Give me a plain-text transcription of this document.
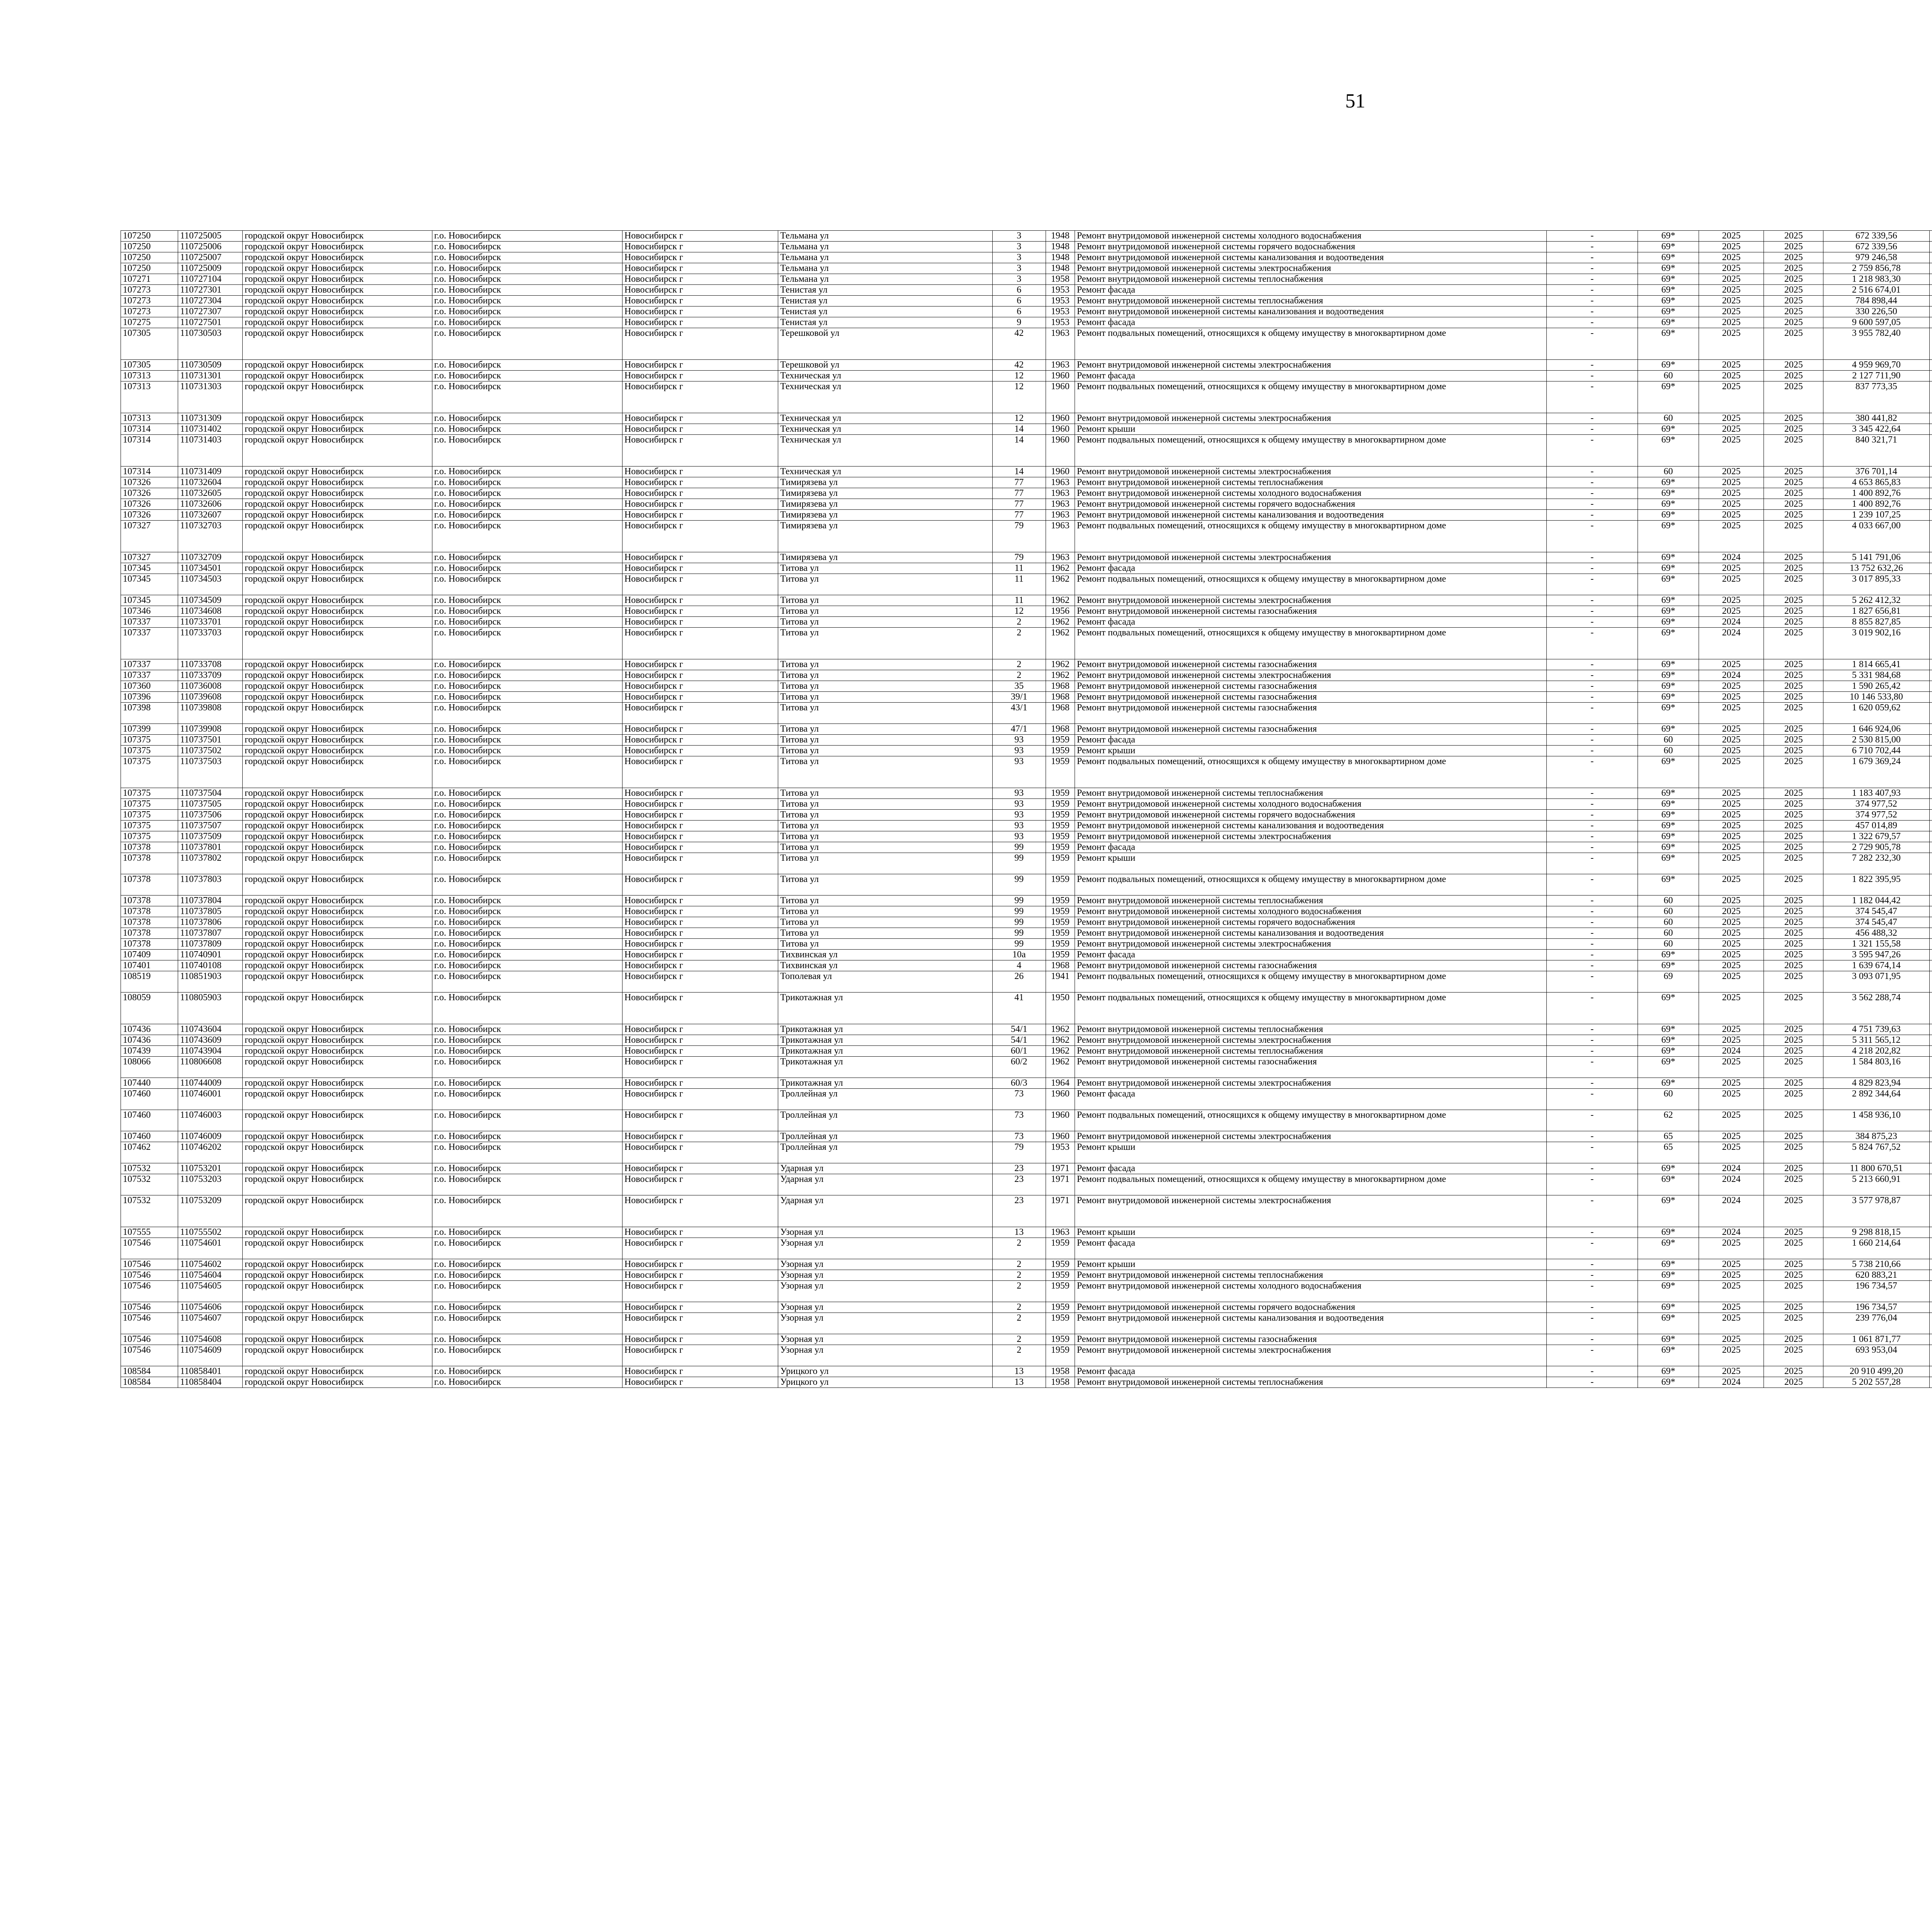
51
107250	110725005	городской округ Новосибирск	г.о. Новосибирск	Новосибирск г	Тельмана ул	3	1948	Ремонт внутридомовой инженерной системы холодного водоснабжения	-	69*	2025	2025	672 339,56							
107250	110725006	городской округ Новосибирск	г.о. Новосибирск	Новосибирск г	Тельмана ул	3	1948	Ремонт внутридомовой инженерной системы горячего водоснабжения	-	69*	2025	2025	672 339,56							
107250	110725007	городской округ Новосибирск	г.о. Новосибирск	Новосибирск г	Тельмана ул	3	1948	Ремонт внутридомовой инженерной системы канализования и водоотведения	-	69*	2025	2025	979 246,58							
107250	110725009	городской округ Новосибирск	г.о. Новосибирск	Новосибирск г	Тельмана ул	3	1948	Ремонт внутридомовой инженерной системы электроснабжения	-	69*	2025	2025	2 759 856,78							
107271	110727104	городской округ Новосибирск	г.о. Новосибирск	Новосибирск г	Тельмана ул	3	1958	Ремонт внутридомовой инженерной системы теплоснабжения	-	69*	2025	2025	1 218 983,30							
107273	110727301	городской округ Новосибирск	г.о. Новосибирск	Новосибирск г	Тенистая ул	6	1953	Ремонт фасада	-	69*	2025	2025	2 516 674,01							
107273	110727304	городской округ Новосибирск	г.о. Новосибирск	Новосибирск г	Тенистая ул	6	1953	Ремонт внутридомовой инженерной системы теплоснабжения	-	69*	2025	2025	784 898,44							
107273	110727307	городской округ Новосибирск	г.о. Новосибирск	Новосибирск г	Тенистая ул	6	1953	Ремонт внутридомовой инженерной системы канализования и водоотведения	-	69*	2025	2025	330 226,50							
107275	110727501	городской округ Новосибирск	г.о. Новосибирск	Новосибирск г	Тенистая ул	9	1953	Ремонт фасада	-	69*	2025	2025	9 600 597,05							
107305	110730503	городской округ Новосибирск	г.о. Новосибирск	Новосибирск г	Терешковой ул	42	1963	Ремонт подвальных помещений, относящихся к общему имуществу в многоквартирном доме	-	69*	2025	2025	3 955 782,40							
107305	110730509	городской округ Новосибирск	г.о. Новосибирск	Новосибирск г	Терешковой ул	42	1963	Ремонт внутридомовой инженерной системы электроснабжения	-	69*	2025	2025	4 959 969,70							
107313	110731301	городской округ Новосибирск	г.о. Новосибирск	Новосибирск г	Техническая ул	12	1960	Ремонт фасада	-	60	2025	2025	2 127 711,90							
107313	110731303	городской округ Новосибирск	г.о. Новосибирск	Новосибирск г	Техническая ул	12	1960	Ремонт подвальных помещений, относящихся к общему имуществу в многоквартирном доме	-	69*	2025	2025	837 773,35							
107313	110731309	городской округ Новосибирск	г.о. Новосибирск	Новосибирск г	Техническая ул	12	1960	Ремонт внутридомовой инженерной системы электроснабжения	-	60	2025	2025	380 441,82							
107314	110731402	городской округ Новосибирск	г.о. Новосибирск	Новосибирск г	Техническая ул	14	1960	Ремонт крыши	-	69*	2025	2025	3 345 422,64							
107314	110731403	городской округ Новосибирск	г.о. Новосибирск	Новосибирск г	Техническая ул	14	1960	Ремонт подвальных помещений, относящихся к общему имуществу в многоквартирном доме	-	69*	2025	2025	840 321,71							
107314	110731409	городской округ Новосибирск	г.о. Новосибирск	Новосибирск г	Техническая ул	14	1960	Ремонт внутридомовой инженерной системы электроснабжения	-	60	2025	2025	376 701,14							
107326	110732604	городской округ Новосибирск	г.о. Новосибирск	Новосибирск г	Тимирязева ул	77	1963	Ремонт внутридомовой инженерной системы теплоснабжения	-	69*	2025	2025	4 653 865,83							
107326	110732605	городской округ Новосибирск	г.о. Новосибирск	Новосибирск г	Тимирязева ул	77	1963	Ремонт внутридомовой инженерной системы холодного водоснабжения	-	69*	2025	2025	1 400 892,76							
107326	110732606	городской округ Новосибирск	г.о. Новосибирск	Новосибирск г	Тимирязева ул	77	1963	Ремонт внутридомовой инженерной системы горячего водоснабжения	-	69*	2025	2025	1 400 892,76							
107326	110732607	городской округ Новосибирск	г.о. Новосибирск	Новосибирск г	Тимирязева ул	77	1963	Ремонт внутридомовой инженерной системы канализования и водоотведения	-	69*	2025	2025	1 239 107,25							
107327	110732703	городской округ Новосибирск	г.о. Новосибирск	Новосибирск г	Тимирязева ул	79	1963	Ремонт подвальных помещений, относящихся к общему имуществу в многоквартирном доме	-	69*	2025	2025	4 033 667,00							
107327	110732709	городской округ Новосибирск	г.о. Новосибирск	Новосибирск г	Тимирязева ул	79	1963	Ремонт внутридомовой инженерной системы электроснабжения	-	69*	2024	2025	5 141 791,06							
107345	110734501	городской округ Новосибирск	г.о. Новосибирск	Новосибирск г	Титова ул	11	1962	Ремонт фасада	-	69*	2025	2025	13 752 632,26							
107345	110734503	городской округ Новосибирск	г.о. Новосибирск	Новосибирск г	Титова ул	11	1962	Ремонт подвальных помещений, относящихся к общему имуществу в многоквартирном доме	-	69*	2025	2025	3 017 895,33							
107345	110734509	городской округ Новосибирск	г.о. Новосибирск	Новосибирск г	Титова ул	11	1962	Ремонт внутридомовой инженерной системы электроснабжения	-	69*	2025	2025	5 262 412,32							
107346	110734608	городской округ Новосибирск	г.о. Новосибирск	Новосибирск г	Титова ул	12	1956	Ремонт внутридомовой инженерной системы газоснабжения	-	69*	2025	2025	1 827 656,81							
107337	110733701	городской округ Новосибирск	г.о. Новосибирск	Новосибирск г	Титова ул	2	1962	Ремонт фасада	-	69*	2024	2025	8 855 827,85							
107337	110733703	городской округ Новосибирск	г.о. Новосибирск	Новосибирск г	Титова ул	2	1962	Ремонт подвальных помещений, относящихся к общему имуществу в многоквартирном доме	-	69*	2024	2025	3 019 902,16							
107337	110733708	городской округ Новосибирск	г.о. Новосибирск	Новосибирск г	Титова ул	2	1962	Ремонт внутридомовой инженерной системы газоснабжения	-	69*	2025	2025	1 814 665,41							
107337	110733709	городской округ Новосибирск	г.о. Новосибирск	Новосибирск г	Титова ул	2	1962	Ремонт внутридомовой инженерной системы электроснабжения	-	69*	2024	2025	5 331 984,68							
107360	110736008	городской округ Новосибирск	г.о. Новосибирск	Новосибирск г	Титова ул	35	1968	Ремонт внутридомовой инженерной системы газоснабжения	-	69*	2025	2025	1 590 265,42							
107396	110739608	городской округ Новосибирск	г.о. Новосибирск	Новосибирск г	Титова ул	39/1	1968	Ремонт внутридомовой инженерной системы газоснабжения	-	69*	2025	2025	10 146 533,80							
107398	110739808	городской округ Новосибирск	г.о. Новосибирск	Новосибирск г	Титова ул	43/1	1968	Ремонт внутридомовой инженерной системы газоснабжения	-	69*	2025	2025	1 620 059,62							
107399	110739908	городской округ Новосибирск	г.о. Новосибирск	Новосибирск г	Титова ул	47/1	1968	Ремонт внутридомовой инженерной системы газоснабжения	-	69*	2025	2025	1 646 924,06							
107375	110737501	городской округ Новосибирск	г.о. Новосибирск	Новосибирск г	Титова ул	93	1959	Ремонт фасада	-	60	2025	2025	2 530 815,00							
107375	110737502	городской округ Новосибирск	г.о. Новосибирск	Новосибирск г	Титова ул	93	1959	Ремонт крыши	-	60	2025	2025	6 710 702,44							
107375	110737503	городской округ Новосибирск	г.о. Новосибирск	Новосибирск г	Титова ул	93	1959	Ремонт подвальных помещений, относящихся к общему имуществу в многоквартирном доме	-	69*	2025	2025	1 679 369,24							
107375	110737504	городской округ Новосибирск	г.о. Новосибирск	Новосибирск г	Титова ул	93	1959	Ремонт внутридомовой инженерной системы теплоснабжения	-	69*	2025	2025	1 183 407,93							
107375	110737505	городской округ Новосибирск	г.о. Новосибирск	Новосибирск г	Титова ул	93	1959	Ремонт внутридомовой инженерной системы холодного водоснабжения	-	69*	2025	2025	374 977,52							
107375	110737506	городской округ Новосибирск	г.о. Новосибирск	Новосибирск г	Титова ул	93	1959	Ремонт внутридомовой инженерной системы горячего водоснабжения	-	69*	2025	2025	374 977,52							
107375	110737507	городской округ Новосибирск	г.о. Новосибирск	Новосибирск г	Титова ул	93	1959	Ремонт внутридомовой инженерной системы канализования и водоотведения	-	69*	2025	2025	457 014,89							
107375	110737509	городской округ Новосибирск	г.о. Новосибирск	Новосибирск г	Титова ул	93	1959	Ремонт внутридомовой инженерной системы электроснабжения	-	69*	2025	2025	1 322 679,57							
107378	110737801	городской округ Новосибирск	г.о. Новосибирск	Новосибирск г	Титова ул	99	1959	Ремонт фасада	-	69*	2025	2025	2 729 905,78							
107378	110737802	городской округ Новосибирск	г.о. Новосибирск	Новосибирск г	Титова ул	99	1959	Ремонт крыши	-	69*	2025	2025	7 282 232,30							
107378	110737803	городской округ Новосибирск	г.о. Новосибирск	Новосибирск г	Титова ул	99	1959	Ремонт подвальных помещений, относящихся к общему имуществу в многоквартирном доме	-	69*	2025	2025	1 822 395,95							
107378	110737804	городской округ Новосибирск	г.о. Новосибирск	Новосибирск г	Титова ул	99	1959	Ремонт внутридомовой инженерной системы теплоснабжения	-	60	2025	2025	1 182 044,42							
107378	110737805	городской округ Новосибирск	г.о. Новосибирск	Новосибирск г	Титова ул	99	1959	Ремонт внутридомовой инженерной системы холодного водоснабжения	-	60	2025	2025	374 545,47							
107378	110737806	городской округ Новосибирск	г.о. Новосибирск	Новосибирск г	Титова ул	99	1959	Ремонт внутридомовой инженерной системы горячего водоснабжения	-	60	2025	2025	374 545,47							
107378	110737807	городской округ Новосибирск	г.о. Новосибирск	Новосибирск г	Титова ул	99	1959	Ремонт внутридомовой инженерной системы канализования и водоотведения	-	60	2025	2025	456 488,32							
107378	110737809	городской округ Новосибирск	г.о. Новосибирск	Новосибирск г	Титова ул	99	1959	Ремонт внутридомовой инженерной системы электроснабжения	-	60	2025	2025	1 321 155,58							
107409	110740901	городской округ Новосибирск	г.о. Новосибирск	Новосибирск г	Тихвинская ул	10а	1959	Ремонт фасада	-	69*	2025	2025	3 595 947,26							
107401	110740108	городской округ Новосибирск	г.о. Новосибирск	Новосибирск г	Тихвинская ул	4	1968	Ремонт внутридомовой инженерной системы газоснабжения	-	69*	2025	2025	1 639 674,14							
108519	110851903	городской округ Новосибирск	г.о. Новосибирск	Новосибирск г	Тополевая ул	26	1941	Ремонт подвальных помещений, относящихся к общему имуществу в многоквартирном доме	-	69	2025	2025	3 093 071,95							
108059	110805903	городской округ Новосибирск	г.о. Новосибирск	Новосибирск г	Трикотажная ул	41	1950	Ремонт подвальных помещений, относящихся к общему имуществу в многоквартирном доме	-	69*	2025	2025	3 562 288,74							
107436	110743604	городской округ Новосибирск	г.о. Новосибирск	Новосибирск г	Трикотажная ул	54/1	1962	Ремонт внутридомовой инженерной системы теплоснабжения	-	69*	2025	2025	4 751 739,63							
107436	110743609	городской округ Новосибирск	г.о. Новосибирск	Новосибирск г	Трикотажная ул	54/1	1962	Ремонт внутридомовой инженерной системы электроснабжения	-	69*	2025	2025	5 311 565,12							
107439	110743904	городской округ Новосибирск	г.о. Новосибирск	Новосибирск г	Трикотажная ул	60/1	1962	Ремонт внутридомовой инженерной системы теплоснабжения	-	69*	2024	2025	4 218 202,82							
108066	110806608	городской округ Новосибирск	г.о. Новосибирск	Новосибирск г	Трикотажная ул	60/2	1962	Ремонт внутридомовой инженерной системы газоснабжения	-	69*	2025	2025	1 584 803,16							
107440	110744009	городской округ Новосибирск	г.о. Новосибирск	Новосибирск г	Трикотажная ул	60/3	1964	Ремонт внутридомовой инженерной системы электроснабжения	-	69*	2025	2025	4 829 823,94							
107460	110746001	городской округ Новосибирск	г.о. Новосибирск	Новосибирск г	Троллейная ул	73	1960	Ремонт фасада	-	60	2025	2025	2 892 344,64							
107460	110746003	городской округ Новосибирск	г.о. Новосибирск	Новосибирск г	Троллейная ул	73	1960	Ремонт подвальных помещений, относящихся к общему имуществу в многоквартирном доме	-	62	2025	2025	1 458 936,10							
107460	110746009	городской округ Новосибирск	г.о. Новосибирск	Новосибирск г	Троллейная ул	73	1960	Ремонт внутридомовой инженерной системы электроснабжения	-	65	2025	2025	384 875,23							
107462	110746202	городской округ Новосибирск	г.о. Новосибирск	Новосибирск г	Троллейная ул	79	1953	Ремонт крыши	-	65	2025	2025	5 824 767,52							
107532	110753201	городской округ Новосибирск	г.о. Новосибирск	Новосибирск г	Ударная ул	23	1971	Ремонт фасада	-	69*	2024	2025	11 800 670,51							
107532	110753203	городской округ Новосибирск	г.о. Новосибирск	Новосибирск г	Ударная ул	23	1971	Ремонт подвальных помещений, относящихся к общему имуществу в многоквартирном доме	-	69*	2024	2025	5 213 660,91							
107532	110753209	городской округ Новосибирск	г.о. Новосибирск	Новосибирск г	Ударная ул	23	1971	Ремонт внутридомовой инженерной системы электроснабжения	-	69*	2024	2025	3 577 978,87							
107555	110755502	городской округ Новосибирск	г.о. Новосибирск	Новосибирск г	Узорная ул	13	1963	Ремонт крыши	-	69*	2024	2025	9 298 818,15							
107546	110754601	городской округ Новосибирск	г.о. Новосибирск	Новосибирск г	Узорная ул	2	1959	Ремонт фасада	-	69*	2025	2025	1 660 214,64							
107546	110754602	городской округ Новосибирск	г.о. Новосибирск	Новосибирск г	Узорная ул	2	1959	Ремонт крыши	-	69*	2025	2025	5 738 210,66							
107546	110754604	городской округ Новосибирск	г.о. Новосибирск	Новосибирск г	Узорная ул	2	1959	Ремонт внутридомовой инженерной системы теплоснабжения	-	69*	2025	2025	620 883,21							
107546	110754605	городской округ Новосибирск	г.о. Новосибирск	Новосибирск г	Узорная ул	2	1959	Ремонт внутридомовой инженерной системы холодного водоснабжения	-	69*	2025	2025	196 734,57							
107546	110754606	городской округ Новосибирск	г.о. Новосибирск	Новосибирск г	Узорная ул	2	1959	Ремонт внутридомовой инженерной системы горячего водоснабжения	-	69*	2025	2025	196 734,57							
107546	110754607	городской округ Новосибирск	г.о. Новосибирск	Новосибирск г	Узорная ул	2	1959	Ремонт внутридомовой инженерной системы канализования и водоотведения	-	69*	2025	2025	239 776,04							
107546	110754608	городской округ Новосибирск	г.о. Новосибирск	Новосибирск г	Узорная ул	2	1959	Ремонт внутридомовой инженерной системы газоснабжения	-	69*	2025	2025	1 061 871,77							
107546	110754609	городской округ Новосибирск	г.о. Новосибирск	Новосибирск г	Узорная ул	2	1959	Ремонт внутридомовой инженерной системы электроснабжения	-	69*	2025	2025	693 953,04							
108584	110858401	городской округ Новосибирск	г.о. Новосибирск	Новосибирск г	Урицкого ул	13	1958	Ремонт фасада	-	69*	2025	2025	20 910 499,20							
108584	110858404	городской округ Новосибирск	г.о. Новосибирск	Новосибирск г	Урицкого ул	13	1958	Ремонт внутридомовой инженерной системы теплоснабжения	-	69*	2024	2025	5 202 557,28							
